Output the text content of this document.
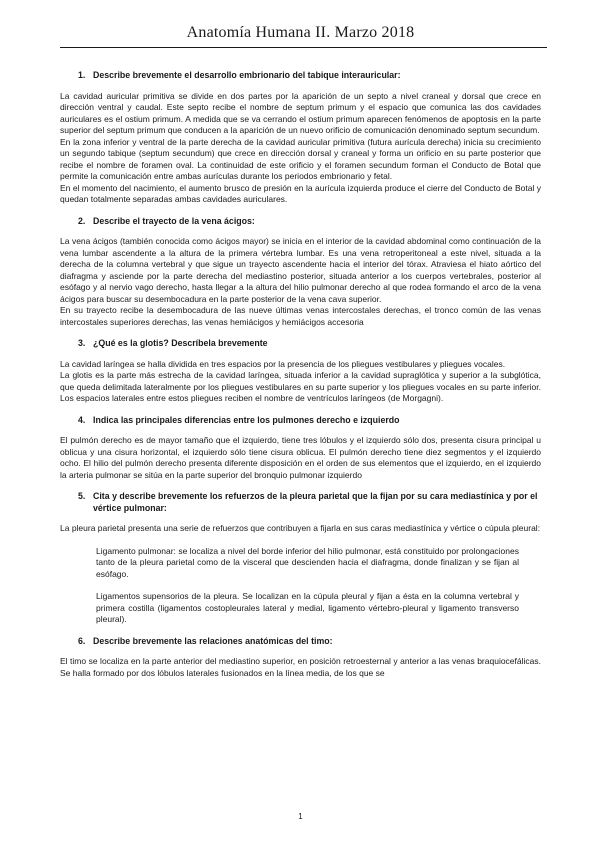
Anatomía Humana II. Marzo 2018
1. Describe brevemente el desarrollo embrionario del tabique interauricular:

La cavidad auricular primitiva se divide en dos partes por la aparición de un septo a nivel craneal y dorsal que crece en dirección ventral y caudal. Este septo recibe el nombre de septum primum y el espacio que comunica las dos cavidades auriculares es el ostium primum. A medida que se va cerrando el ostium primum aparecen fenómenos de apoptosis en la parte superior del septum primum que conducen a la aparición de un nuevo orificio de comunicación denominado septum secundum.

En la zona inferior y ventral de la parte derecha de la cavidad auricular primitiva (futura aurícula derecha) inicia su crecimiento un segundo tabique (septum secundum) que crece en dirección dorsal y craneal y forma un orificio en su parte posterior que recibe el nombre de foramen oval. La continuidad de este orificio y el foramen secundum forman el Conducto de Botal que permite la comunicación entre ambas aurículas durante los periodos embrionario y fetal.

En el momento del nacimiento, el aumento brusco de presión en la aurícula izquierda produce el cierre del Conducto de Botal y quedan totalmente separadas ambas cavidades auriculares.

2. Describe el trayecto de la vena ácigos:

La vena ácigos (también conocida como ácigos mayor) se inicia en el interior de la cavidad abdominal como continuación de la vena lumbar ascendente a la altura de la primera vértebra lumbar. Es una vena retroperitoneal a este nivel, situada a la derecha de la columna vertebral y que sigue un trayecto ascendente hacia el interior del tórax. Atraviesa el hiato aórtico del diafragma y asciende por la parte derecha del mediastino posterior, situada anterior a los cuerpos vertebrales, posterior al esófago y al nervio vago derecho, hasta llegar a la altura del hilio pulmonar derecho al que rodea formando el arco de la vena ácigos para buscar su desembocadura en la parte posterior de la vena cava superior.

En su trayecto recibe la desembocadura de las nueve últimas venas intercostales derechas, el tronco común de las venas intercostales superiores derechas, las venas hemiácigos y hemiácigos accesoria

3. ¿Qué es la glotis? Descríbela brevemente

La cavidad laríngea se halla dividida en tres espacios por la presencia de los pliegues vestibulares y pliegues vocales.

La glotis es la parte más estrecha de la cavidad laríngea, situada inferior a la cavidad supraglótica y superior a la subglótica, que queda delimitada lateralmente por los pliegues vestibulares en su parte superior y los pliegues vocales en su parte inferior. Los espacios laterales entre estos pliegues reciben el nombre de ventrículos laríngeos (de Morgagni).

4. Indica las principales diferencias entre los pulmones derecho e izquierdo

El pulmón derecho es de mayor tamaño que el izquierdo, tiene tres lóbulos y el izquierdo sólo dos, presenta cisura principal u oblicua y una cisura horizontal, el izquierdo sólo tiene cisura oblicua. El pulmón derecho tiene diez segmentos y el izquierdo ocho. El hilio del pulmón derecho presenta diferente disposición en el orden de sus elementos que el izquierdo, en el izquierdo la arteria pulmonar se sitúa en la parte superior del bronquio pulmonar izquierdo

5. Cita y describe brevemente los refuerzos de la pleura parietal que la fijan por su cara mediastínica y por el vértice pulmonar:

La pleura parietal presenta una serie de refuerzos que contribuyen a fijarla en sus caras mediastínica y vértice o cúpula pleural:

Ligamento pulmonar: se localiza a nivel del borde inferior del hilio pulmonar, está constituido por prolongaciones tanto de la pleura parietal como de la visceral que descienden hacia el diafragma, donde finalizan y se fijan al esófago.

Ligamentos supensorios de la pleura. Se localizan en la cúpula pleural y fijan a ésta en la columna vertebral y primera costilla (ligamentos costopleurales lateral y medial, ligamento vértebro-pleural y ligamento transverso pleural).

6. Describe brevemente las relaciones anatómicas del timo:

El timo se localiza en la parte anterior del mediastino superior, en posición retroesternal y anterior a las venas braquiocefálicas. Se halla formado por dos lóbulos laterales fusionados en la línea media, de los que se

1
